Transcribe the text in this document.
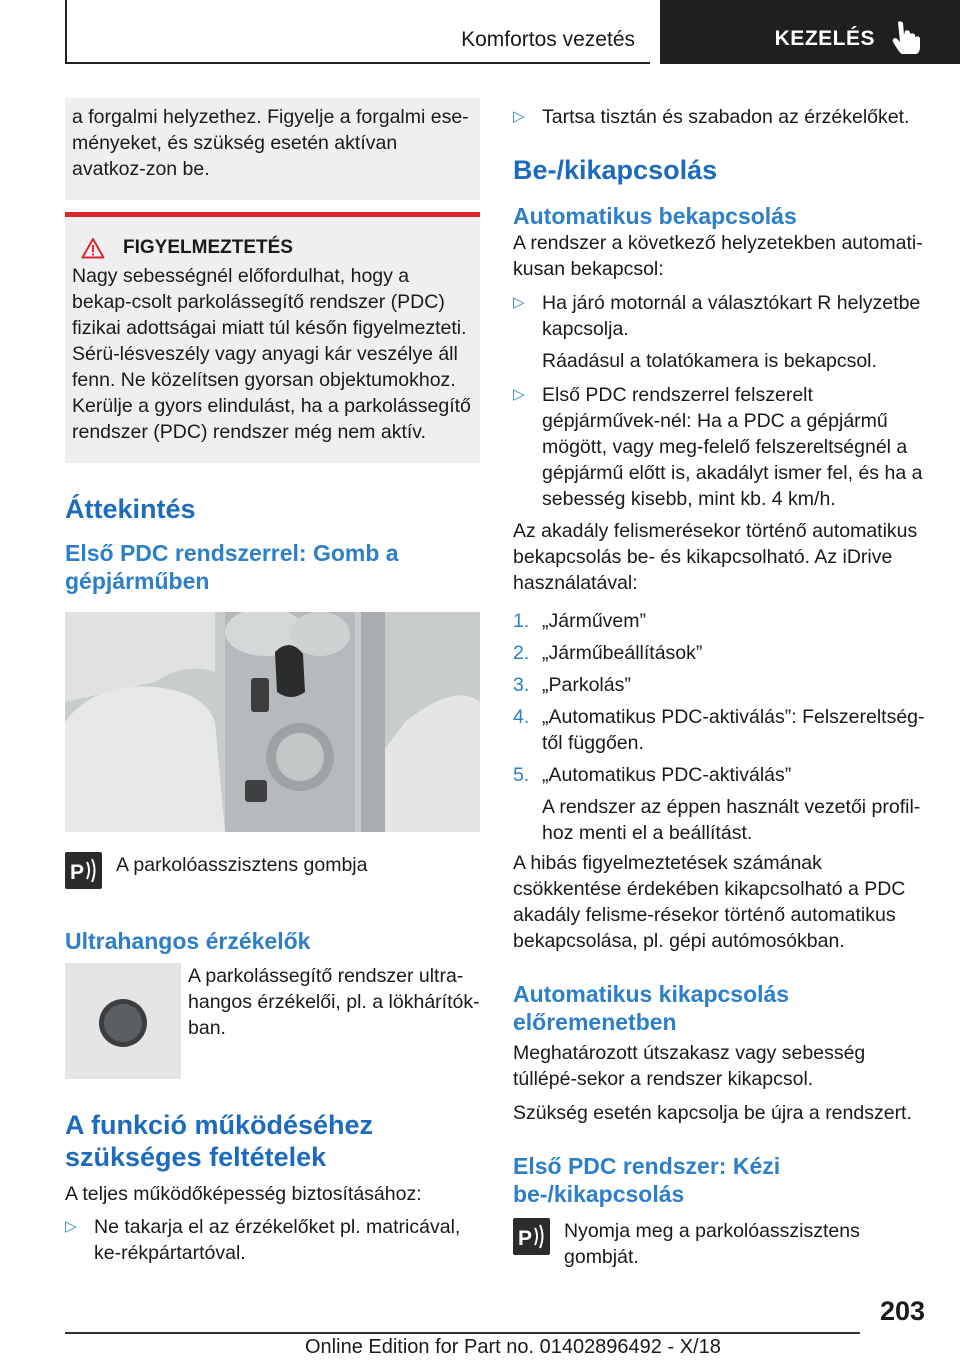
Komfortos vezetés	KEZELÉS

a forgalmi helyzethez. Figyelje a forgalmi ese-ményeket, és szükség esetén aktívan avatkoz-zon be.

FIGYELMEZTETÉS

Nagy sebességnél előfordulhat, hogy a bekap-csolt parkolássegítő rendszer (PDC) fizikai adottságai miatt túl későn figyelmezteti. Sérü-lésveszély vagy anyagi kár veszélye áll fenn. Ne közelítsen gyorsan objektumokhoz. Kerülje a gyors elindulást, ha a parkolássegítő rendszer (PDC) rendszer még nem aktív.

Áttekintés
Első PDC rendszerrel: Gomb a gépjárműben
P A parkolóasszisztens gombja
Ultrahangos érzékelők

A parkolássegítő rendszer ultra-hangos érzékelői, pl. a lökhárítók-ban.

A funkció működéséhez szükséges feltételek

A teljes működőképesség biztosításához:

▷ Ne takarja el az érzékelőket pl. matricával, ke-rékpártartóval.
▷ Tartsa tisztán és szabadon az érzékelőket.
Be-/kikapcsolás
Automatikus bekapcsolás

A rendszer a következő helyzetekben automati-kusan bekapcsol:

▷ Ha járó motornál a választókart R helyzetbe kapcsolja.
Ráadásul a tolatókamera is bekapcsol.
▷ Első PDC rendszerrel felszerelt gépjárművek-nél: Ha a PDC a gépjármű mögött, vagy meg-felelő felszereltségnél a gépjármű előtt is, akadályt ismer fel, és ha a sebesség kisebb, mint kb. 4 km/h.

Az akadály felismerésekor történő automatikus bekapcsolás be- és kikapcsolható. Az iDrive használatával:

1. „Járművem”
2. „Járműbeállítások”
3. „Parkolás”
4. „Automatikus PDC-aktiválás”: Felszereltség-től függően.
5. „Automatikus PDC-aktiválás”
A rendszer az éppen használt vezetői profil-hoz menti el a beállítást.

A hibás figyelmeztetések számának csökkentése érdekében kikapcsolható a PDC akadály felisme-résekor történő automatikus bekapcsolása, pl. gépi autómosókban.

Automatikus kikapcsolás előremenetben

Meghatározott útszakasz vagy sebesség túllépé-sekor a rendszer kikapcsol.

Szükség esetén kapcsolja be újra a rendszert.

Első PDC rendszer: Kézi be-/kikapcsolás
P Nyomja meg a parkolóasszisztens gombját.
203
Online Edition for Part no. 01402896492 - X/18
